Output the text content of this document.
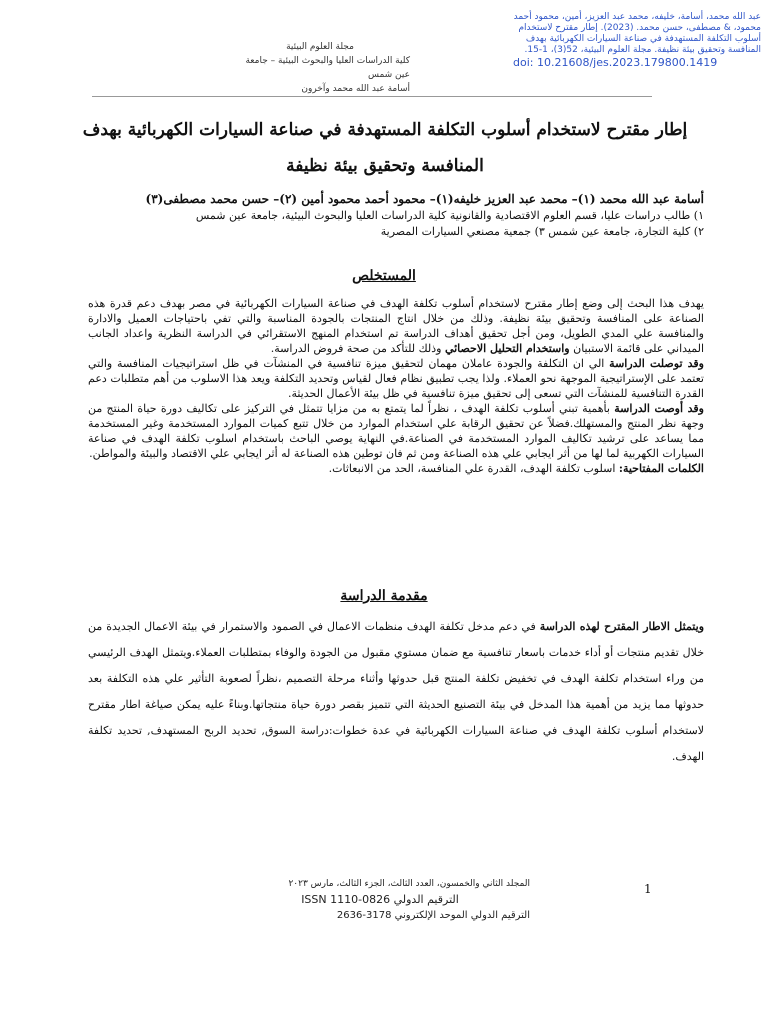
عبد الله محمد، أسامة، خليفه، محمد عبد العزيز، أمين، محمود أحمد
محمود، & مصطفى، حسن محمد. (2023). إطار مقترح لاستخدام
أسلوب التكلفة المستهدفة في صناعة السيارات الكهربائية بهدف
المنافسة وتحقيق بيئة نظيفة. مجلة العلوم البيئية، 52(3)، 1-15.
doi: 10.21608/jes.2023.179800.1419
مجلة العلوم البيئية
كلية الدراسات العليا والبحوث البيئية – جامعة عين شمس
أسامة عبد الله محمد وآخرون
إطار مقترح لاستخدام أسلوب التكلفة المستهدفة في صناعة السيارات الكهربائية بهدف المنافسة وتحقيق بيئة نظيفة
أسامة عبد الله محمد (١)– محمد عبد العزيز خليفه(١)– محمود أحمد محمود أمين (٢)– حسن محمد مصطفى(٣)
١) طالب دراسات عليا، قسم العلوم الاقتصادية والقانونية كلية الدراسات العليا والبحوث البيئية، جامعة عين شمس
٢) كلية التجارة، جامعة عين شمس ٣) جمعية مصنعي السيارات المصرية
المستخلص

يهدف هذا البحث إلى وضع إطار مقترح لاستخدام أسلوب تكلفة الهدف في صناعة السيارات الكهربائية في مصر بهدف دعم قدرة هذه الصناعة على المنافسة وتحقيق بيئة نظيفة. وذلك من خلال انتاج المنتجات بالجودة المناسبة والتي تفي باحتياجات العميل والادارة والمنافسة علي المدي الطويل، ومن أجل تحقيق أهداف الدراسة تم استخدام المنهج الاستقرائي في الدراسة النظرية واعداد الجانب الميداني على قائمة الاستبيان واستخدام التحليل الاحصائي وذلك للتأكد من صحة فروض الدراسة.

وقد توصلت الدراسة الي ان التكلفة والجودة عاملان مهمان لتحقيق ميزة تنافسية في المنشآت في ظل استراتيجيات المنافسة والتي تعتمد على الإستراتيجية الموجهة نحو العملاء. ولذا يجب تطبيق نظام فعال لقياس وتحديد التكلفة ويعد هذا الاسلوب من أهم متطلبات دعم القدرة التنافسية للمنشآت التي تسعى إلى تحقيق ميزة تنافسية في ظل بيئة الأعمال الحديثة.

وقد أوصت الدراسة بأهمية تبني أسلوب تكلفة الهدف ، نظراً لما يتمتع به من مزايا تتمثل في التركيز على تكاليف دورة حياة المنتج من وجهة نظر المنتج والمستهلك.فضلاً عن تحقيق الرقابة علي استخدام الموارد من خلال تتبع كميات الموارد المستخدمة وغير المستخدمة مما يساعد على ترشيد تكاليف الموارد المستخدمة في الصناعة.في النهاية يوصي الباحث باستخدام اسلوب تكلفة الهدف في صناعة السيارات الكهربية لما لها من أثر ايجابي علي هذه الصناعة ومن ثم فان توطين هذه الصناعة له أثر ايجابي علي الاقتصاد والبيئة والمواطن.

الكلمات المفتاحية: اسلوب تكلفة الهدف، القدرة علي المنافسة، الحد من الانبعاثات.

مقدمة الدراسة

ويتمثل الاطار المقترح لهذه الدراسة في دعم مدخل تكلفة الهدف منظمات الاعمال في الصمود والاستمرار في بيئة الاعمال الجديدة من خلال تقديم منتجات أو أداء خدمات باسعار تنافسية مع ضمان مستوي مقبول من الجودة والوفاء بمتطلبات العملاء.ويتمثل الهدف الرئيسي من وراء استخدام تكلفة الهدف في تخفيض تكلفة المنتج قبل حدوثها وأثناء مرحلة التصميم ،نظراً لصعوبة التأثير علي هذه التكلفة بعد حدوثها مما يزيد من أهمية هذا المدخل في بيئة التصنيع الحديثة التي تتميز بقصر دورة حياة منتجاتها.وبناءً عليه يمكن صياغة اطار مقترح لاستخدام أسلوب تكلفة الهدف في صناعة السيارات الكهربائية في عدة خطوات:دراسة السوق, تحديد الربح المستهدف, تحديد تكلفة الهدف.

المجلد الثاني والخمسون، العدد الثالث، الجزء الثالث، مارس ٢٠٢٣
الترقيم الدولي ISSN 1110-0826
الترقيم الدولي الموحد الإلكتروني 3178-2636
1
